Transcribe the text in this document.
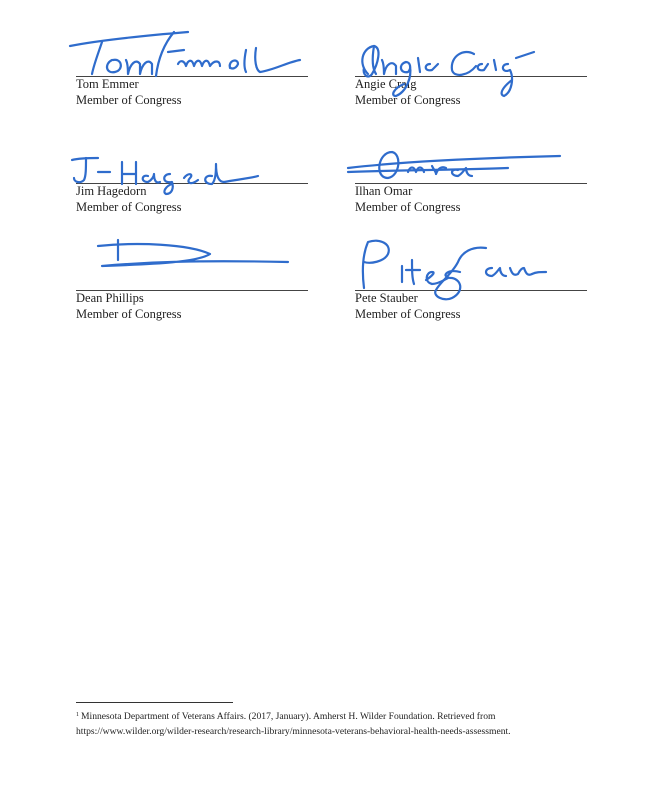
Tom Emmer
Member of Congress
Angie Craig
Member of Congress
Jim Hagedorn
Member of Congress
Ilhan Omar
Member of Congress
Dean Phillips
Member of Congress
Pete Stauber
Member of Congress
$^1$ Minnesota Department of Veterans Affairs. (2017, January). Amherst H. Wilder Foundation. Retrieved from https://www.wilder.org/wilder-research/research-library/minnesota-veterans-behavioral-health-needs-assessment.
